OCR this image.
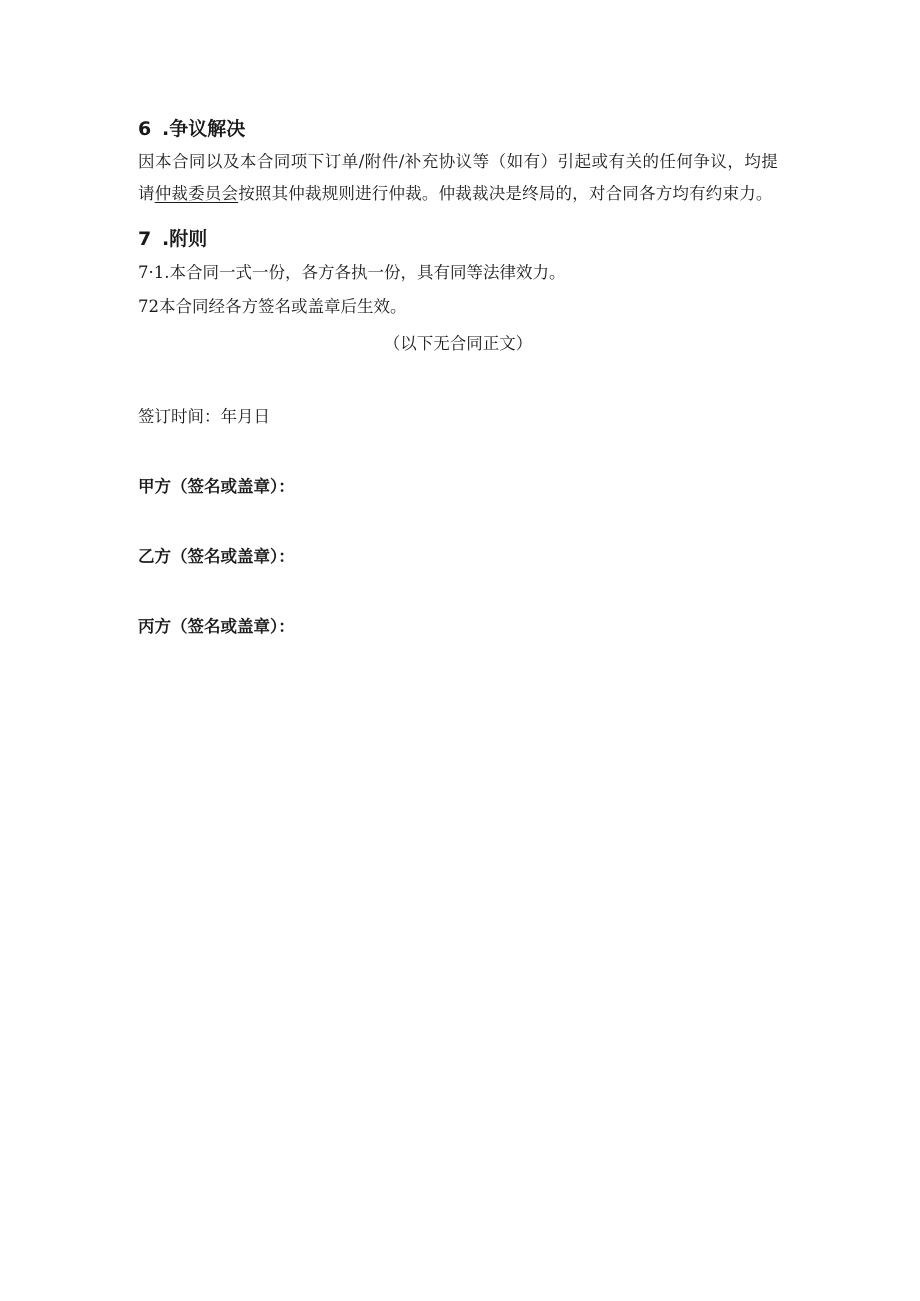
6 .争议解决
因本合同以及本合同项下订单/附件/补充协议等（如有）引起或有关的任何争议，均提请仲裁委员会按照其仲裁规则进行仲裁。仲裁裁决是终局的，对合同各方均有约束力。
7 .附则
7·1.本合同一式一份，各方各执一份，具有同等法律效力。
72本合同经各方签名或盖章后生效。
（以下无合同正文）
签订时间：年月日
甲方（签名或盖章）：
乙方（签名或盖章）：
丙方（签名或盖章）：
